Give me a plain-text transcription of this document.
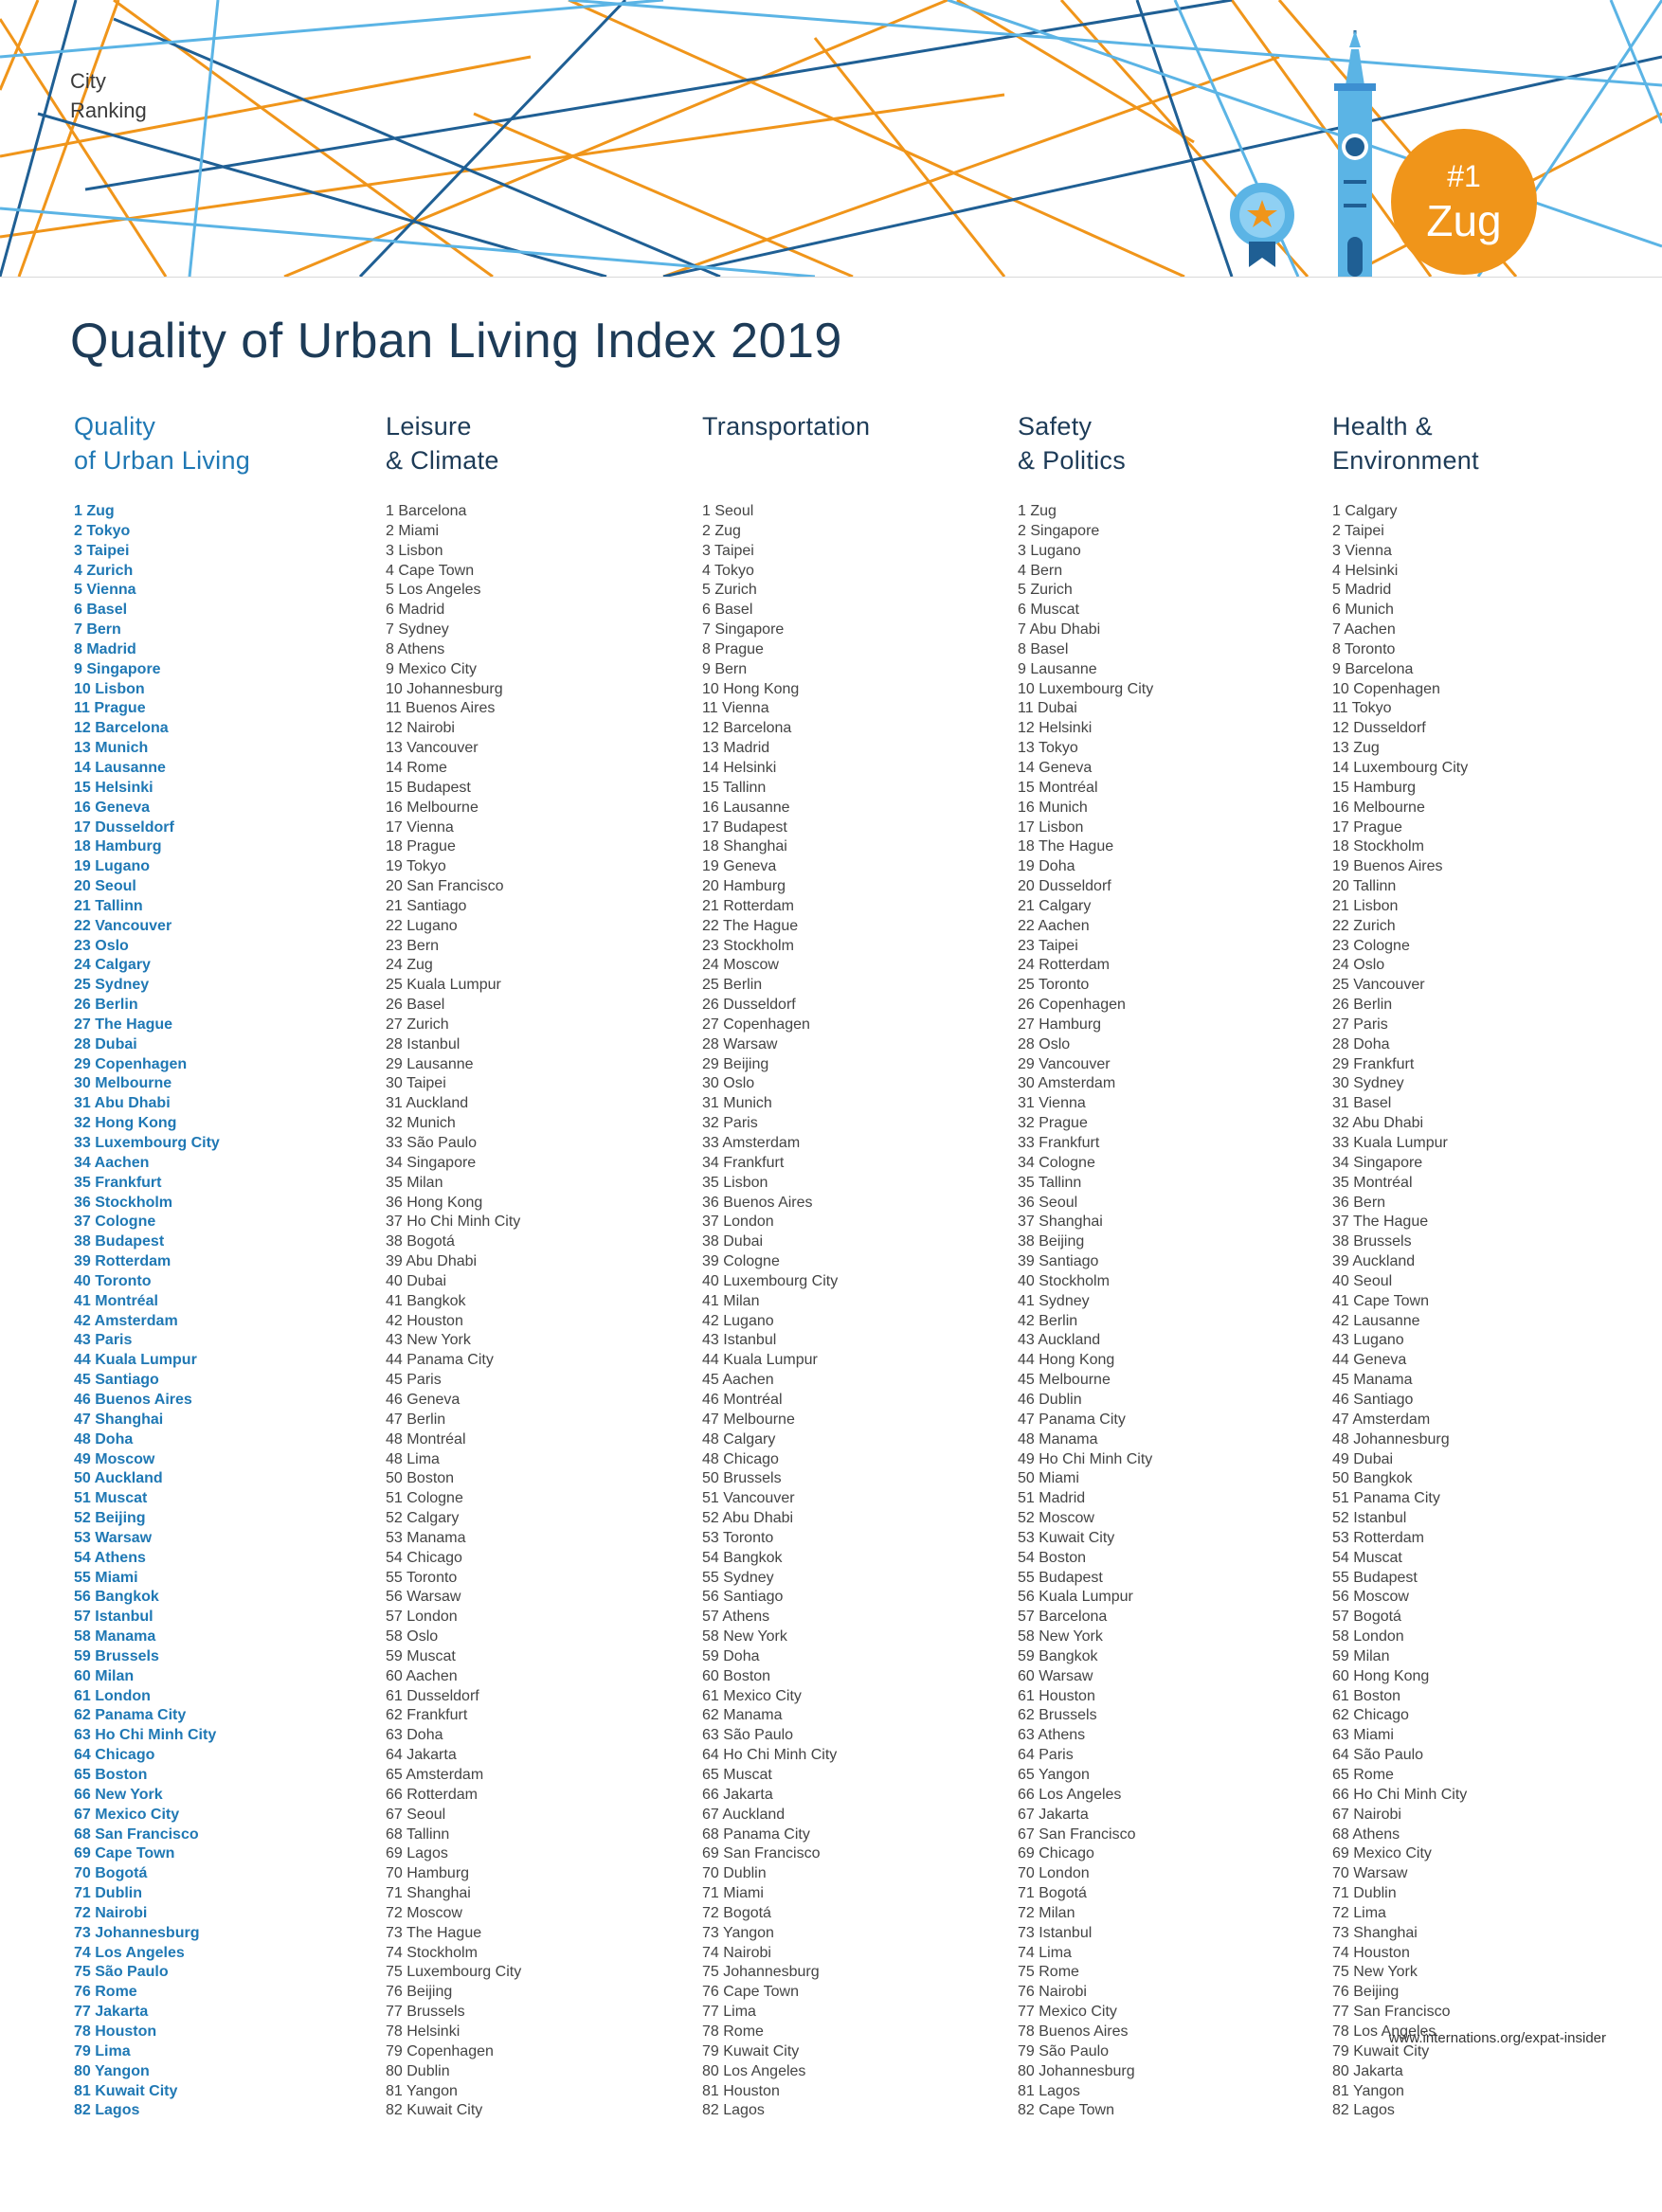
City
Ranking
#1
Zug
Quality of Urban Living Index 2019
Quality
of Urban Living
1 Zug
2 Tokyo
3 Taipei
4 Zurich
5 Vienna
6 Basel
7 Bern
8 Madrid
9 Singapore
10 Lisbon
11 Prague
12 Barcelona
13 Munich
14 Lausanne
15 Helsinki
16 Geneva
17 Dusseldorf
18 Hamburg
19 Lugano
20 Seoul
21 Tallinn
22 Vancouver
23 Oslo
24 Calgary
25 Sydney
26 Berlin
27 The Hague
28 Dubai
29 Copenhagen
30 Melbourne
31 Abu Dhabi
32 Hong Kong
33 Luxembourg City
34 Aachen
35 Frankfurt
36 Stockholm
37 Cologne
38 Budapest
39 Rotterdam
40 Toronto
41 Montréal
42 Amsterdam
43 Paris
44 Kuala Lumpur
45 Santiago
46 Buenos Aires
47 Shanghai
48 Doha
49 Moscow
50 Auckland
51 Muscat
52 Beijing
53 Warsaw
54 Athens
55 Miami
56 Bangkok
57 Istanbul
58 Manama
59 Brussels
60 Milan
61 London
62 Panama City
63 Ho Chi Minh City
64 Chicago
65 Boston
66 New York
67 Mexico City
68 San Francisco
69 Cape Town
70 Bogotá
71 Dublin
72 Nairobi
73 Johannesburg
74 Los Angeles
75 São Paulo
76 Rome
77 Jakarta
78 Houston
79 Lima
80 Yangon
81 Kuwait City
82 Lagos
Leisure
& Climate
1 Barcelona
2 Miami
3 Lisbon
4 Cape Town
5 Los Angeles
6 Madrid
7 Sydney
8 Athens
9 Mexico City
10 Johannesburg
11 Buenos Aires
12 Nairobi
13 Vancouver
14 Rome
15 Budapest
16 Melbourne
17 Vienna
18 Prague
19 Tokyo
20 San Francisco
21 Santiago
22 Lugano
23 Bern
24 Zug
25 Kuala Lumpur
26 Basel
27 Zurich
28 Istanbul
29 Lausanne
30 Taipei
31 Auckland
32 Munich
33 São Paulo
34 Singapore
35 Milan
36 Hong Kong
37 Ho Chi Minh City
38 Bogotá
39 Abu Dhabi
40 Dubai
41 Bangkok
42 Houston
43 New York
44 Panama City
45 Paris
46 Geneva
47 Berlin
48 Montréal
48 Lima
50 Boston
51 Cologne
52 Calgary
53 Manama
54 Chicago
55 Toronto
56 Warsaw
57 London
58 Oslo
59 Muscat
60 Aachen
61 Dusseldorf
62 Frankfurt
63 Doha
64 Jakarta
65 Amsterdam
66 Rotterdam
67 Seoul
68 Tallinn
69 Lagos
70 Hamburg
71 Shanghai
72 Moscow
73 The Hague
74 Stockholm
75 Luxembourg City
76 Beijing
77 Brussels
78 Helsinki
79 Copenhagen
80 Dublin
81 Yangon
82 Kuwait City
Transportation
1 Seoul
2 Zug
3 Taipei
4 Tokyo
5 Zurich
6 Basel
7 Singapore
8 Prague
9 Bern
10 Hong Kong
11 Vienna
12 Barcelona
13 Madrid
14 Helsinki
15 Tallinn
16 Lausanne
17 Budapest
18 Shanghai
19 Geneva
20 Hamburg
21 Rotterdam
22 The Hague
23 Stockholm
24 Moscow
25 Berlin
26 Dusseldorf
27 Copenhagen
28 Warsaw
29 Beijing
30 Oslo
31 Munich
32 Paris
33 Amsterdam
34 Frankfurt
35 Lisbon
36 Buenos Aires
37 London
38 Dubai
39 Cologne
40 Luxembourg City
41 Milan
42 Lugano
43 Istanbul
44 Kuala Lumpur
45 Aachen
46 Montréal
47 Melbourne
48 Calgary
48 Chicago
50 Brussels
51 Vancouver
52 Abu Dhabi
53 Toronto
54 Bangkok
55 Sydney
56 Santiago
57 Athens
58 New York
59 Doha
60 Boston
61 Mexico City
62 Manama
63 São Paulo
64 Ho Chi Minh City
65 Muscat
66 Jakarta
67 Auckland
68 Panama City
69 San Francisco
70 Dublin
71 Miami
72 Bogotá
73 Yangon
74 Nairobi
75 Johannesburg
76 Cape Town
77 Lima
78 Rome
79 Kuwait City
80 Los Angeles
81 Houston
82 Lagos
Safety
& Politics
1 Zug
2 Singapore
3 Lugano
4 Bern
5 Zurich
6 Muscat
7 Abu Dhabi
8 Basel
9 Lausanne
10 Luxembourg City
11 Dubai
12 Helsinki
13 Tokyo
14 Geneva
15 Montréal
16 Munich
17 Lisbon
18 The Hague
19 Doha
20 Dusseldorf
21 Calgary
22 Aachen
23 Taipei
24 Rotterdam
25 Toronto
26 Copenhagen
27 Hamburg
28 Oslo
29 Vancouver
30 Amsterdam
31 Vienna
32 Prague
33 Frankfurt
34 Cologne
35 Tallinn
36 Seoul
37 Shanghai
38 Beijing
39 Santiago
40 Stockholm
41 Sydney
42 Berlin
43 Auckland
44 Hong Kong
45 Melbourne
46 Dublin
47 Panama City
48 Manama
49 Ho Chi Minh City
50 Miami
51 Madrid
52 Moscow
53 Kuwait City
54 Boston
55 Budapest
56 Kuala Lumpur
57 Barcelona
58 New York
59 Bangkok
60 Warsaw
61 Houston
62 Brussels
63 Athens
64 Paris
65 Yangon
66 Los Angeles
67 Jakarta
67 San Francisco
69 Chicago
70 London
71 Bogotá
72 Milan
73 Istanbul
74 Lima
75 Rome
76 Nairobi
77 Mexico City
78 Buenos Aires
79 São Paulo
80 Johannesburg
81 Lagos
82 Cape Town
Health &
Environment
1 Calgary
2 Taipei
3 Vienna
4 Helsinki
5 Madrid
6 Munich
7 Aachen
8 Toronto
9 Barcelona
10 Copenhagen
11 Tokyo
12 Dusseldorf
13 Zug
14 Luxembourg City
15 Hamburg
16 Melbourne
17 Prague
18 Stockholm
19 Buenos Aires
20 Tallinn
21 Lisbon
22 Zurich
23 Cologne
24 Oslo
25 Vancouver
26 Berlin
27 Paris
28 Doha
29 Frankfurt
30 Sydney
31 Basel
32 Abu Dhabi
33 Kuala Lumpur
34 Singapore
35 Montréal
36 Bern
37 The Hague
38 Brussels
39 Auckland
40 Seoul
41 Cape Town
42 Lausanne
43 Lugano
44 Geneva
45 Manama
46 Santiago
47 Amsterdam
48 Johannesburg
49 Dubai
50 Bangkok
51 Panama City
52 Istanbul
53 Rotterdam
54 Muscat
55 Budapest
56 Moscow
57 Bogotá
58 London
59 Milan
60 Hong Kong
61 Boston
62 Chicago
63 Miami
64 São Paulo
65 Rome
66 Ho Chi Minh City
67 Nairobi
68 Athens
69 Mexico City
70 Warsaw
71 Dublin
72 Lima
73 Shanghai
74 Houston
75 New York
76 Beijing
77 San Francisco
78 Los Angeles
79 Kuwait City
80 Jakarta
81 Yangon
82 Lagos
www.internations.org/expat-insider
